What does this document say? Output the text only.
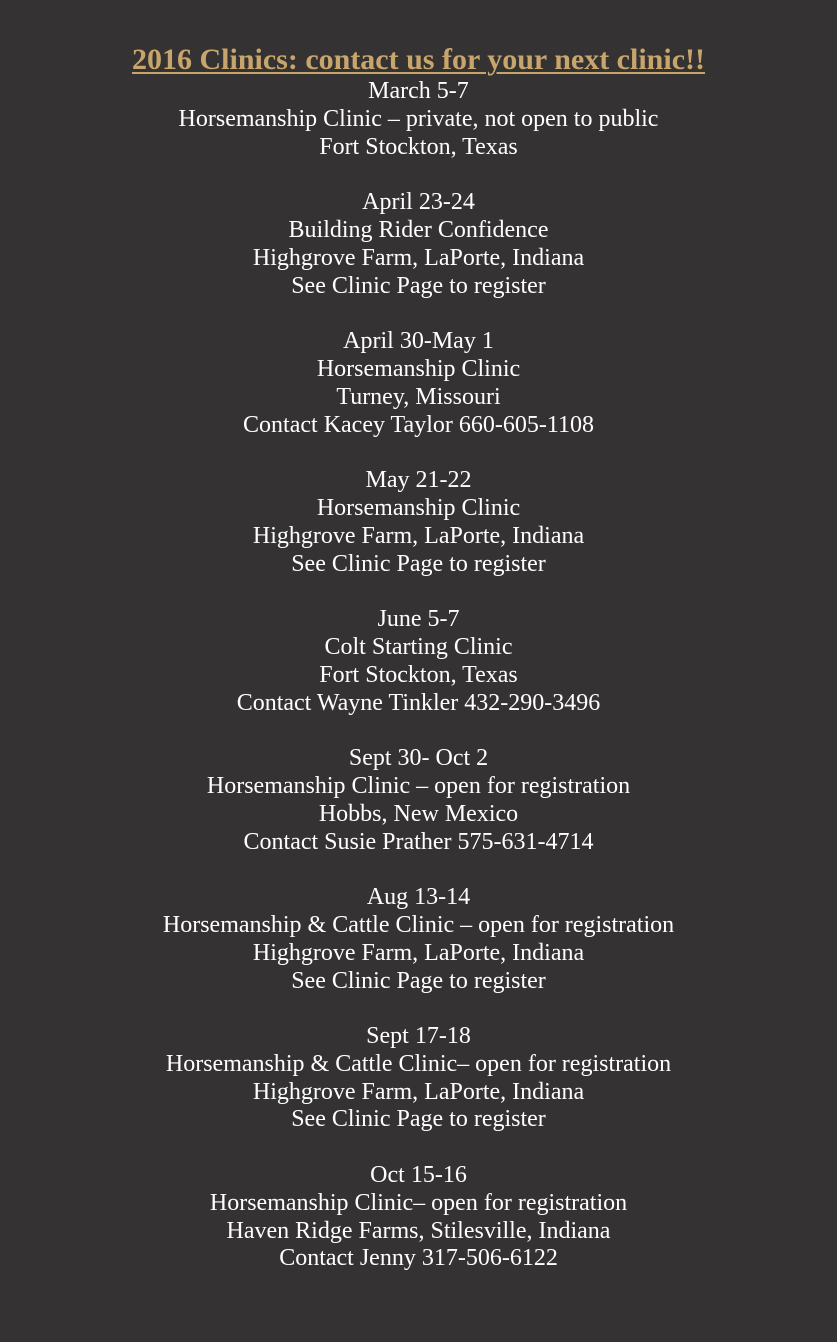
2016 Clinics: contact us for your next clinic!!
March 5-7
Horsemanship Clinic – private, not open to public
Fort Stockton, Texas
April 23-24
Building Rider Confidence
Highgrove Farm, LaPorte, Indiana
See Clinic Page to register
April 30-May 1
Horsemanship Clinic
Turney, Missouri
Contact Kacey Taylor 660-605-1108
May 21-22
Horsemanship Clinic
Highgrove Farm, LaPorte, Indiana
See Clinic Page to register
June 5-7
Colt Starting Clinic
Fort Stockton, Texas
Contact Wayne Tinkler 432-290-3496
Sept 30- Oct 2
Horsemanship Clinic – open for registration
Hobbs, New Mexico
Contact Susie Prather 575-631-4714
Aug 13-14
Horsemanship & Cattle Clinic – open for registration
Highgrove Farm, LaPorte, Indiana
See Clinic Page to register
Sept 17-18
Horsemanship & Cattle Clinic– open for registration
Highgrove Farm, LaPorte, Indiana
See Clinic Page to register
Oct 15-16
Horsemanship Clinic– open for registration
Haven Ridge Farms, Stilesville, Indiana
Contact Jenny 317-506-6122
